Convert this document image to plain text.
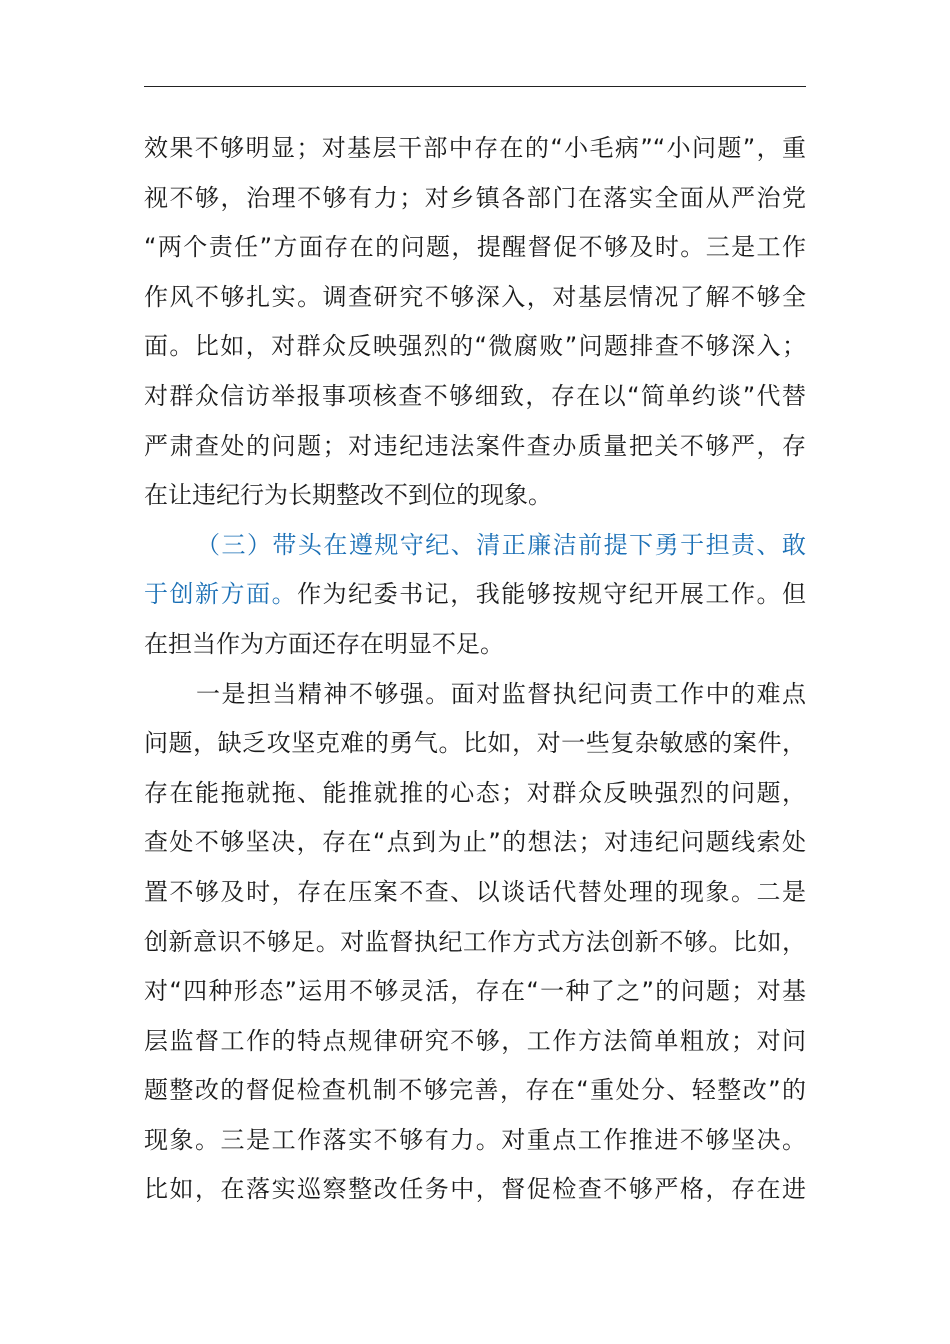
效果不够明显；对基层干部中存在的“小毛病”“小问题”，重
视不够，治理不够有力；对乡镇各部门在落实全面从严治党
“两个责任”方面存在的问题，提醒督促不够及时。三是工作
作风不够扎实。调查研究不够深入，对基层情况了解不够全
面。比如，对群众反映强烈的“微腐败”问题排查不够深入；
对群众信访举报事项核查不够细致，存在以“简单约谈”代替
严肃查处的问题；对违纪违法案件查办质量把关不够严，存
在让违纪行为长期整改不到位的现象。
（三）带头在遵规守纪、清正廉洁前提下勇于担责、敢
于创新方面。作为纪委书记，我能够按规守纪开展工作。但
在担当作为方面还存在明显不足。
一是担当精神不够强。面对监督执纪问责工作中的难点
问题，缺乏攻坚克难的勇气。比如，对一些复杂敏感的案件，
存在能拖就拖、能推就推的心态；对群众反映强烈的问题，
查处不够坚决，存在“点到为止”的想法；对违纪问题线索处
置不够及时，存在压案不查、以谈话代替处理的现象。二是
创新意识不够足。对监督执纪工作方式方法创新不够。比如，
对“四种形态”运用不够灵活，存在“一种了之”的问题；对基
层监督工作的特点规律研究不够，工作方法简单粗放；对问
题整改的督促检查机制不够完善，存在“重处分、轻整改”的
现象。三是工作落实不够有力。对重点工作推进不够坚决。
比如，在落实巡察整改任务中，督促检查不够严格，存在进
